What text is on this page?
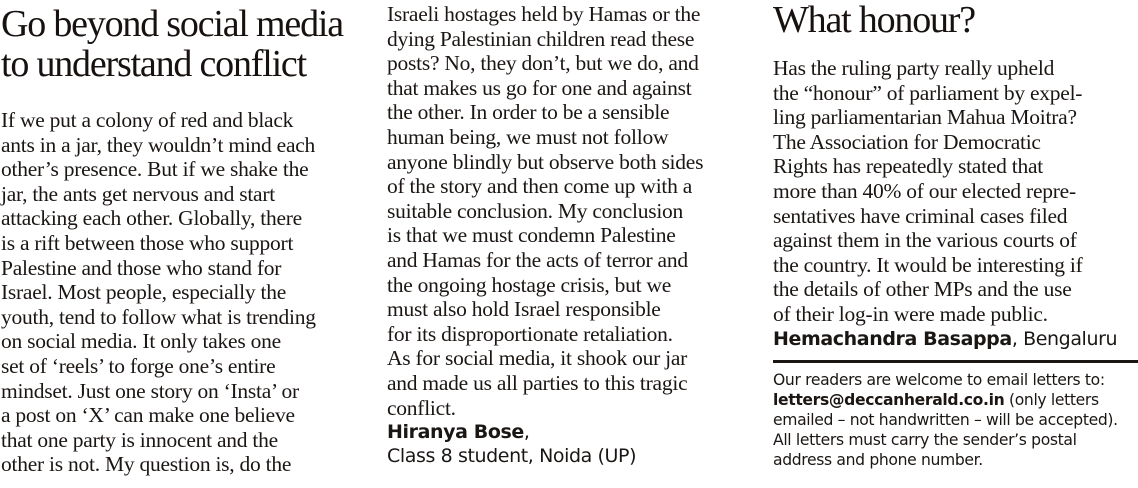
Go beyond social media
to understand conflict

If we put a colony of red and black
ants in a jar, they wouldn’t mind each
other’s presence. But if we shake the
jar, the ants get nervous and start
attacking each other. Globally, there
is a rift between those who support
Palestine and those who stand for
Israel. Most people, especially the
youth, tend to follow what is trending
on social media. It only takes one
set of ‘reels’ to forge one’s entire
mindset. Just one story on ‘Insta’ or
a post on ‘X’ can make one believe
that one party is innocent and the
other is not. My question is, do the

Israeli hostages held by Hamas or the
dying Palestinian children read these
posts? No, they don’t, but we do, and
that makes us go for one and against
the other. In order to be a sensible
human being, we must not follow
anyone blindly but observe both sides
of the story and then come up with a
suitable conclusion. My conclusion
is that we must condemn Palestine
and Hamas for the acts of terror and
the ongoing hostage crisis, but we
must also hold Israel responsible
for its disproportionate retaliation.
As for social media, it shook our jar
and made us all parties to this tragic
conflict.

Hiranya Bose,
Class 8 student, Noida (UP)
What honour?

Has the ruling party really upheld
the “honour” of parliament by expel-
ling parliamentarian Mahua Moitra?
The Association for Democratic
Rights has repeatedly stated that
more than 40% of our elected repre-
sentatives have criminal cases filed
against them in the various courts of
the country. It would be interesting if
the details of other MPs and the use
of their log-in were made public.

Hemachandra Basappa, Bengaluru

Our readers are welcome to email letters to:
letters@deccanherald.co.in (only letters
emailed – not handwritten – will be accepted).
All letters must carry the sender’s postal
address and phone number.
